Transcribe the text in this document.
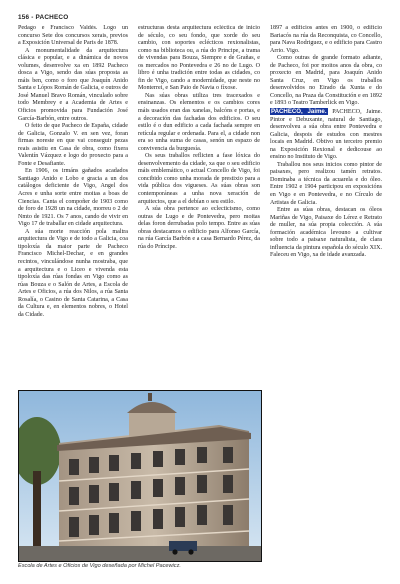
156 - PACHECO

Pedago e Francisco Valdés. Logo un concurso Sete dos concursos xerais, previos a Exposición Universal de Paris de 1878.

A monumentalidade da arquitectura clásica e popular, e a dinámica de novos volumes, desenvolve xa en 1892 Pacheco dosca a Vigo, sendo das súas proposta as máis ben, como o foro que Joaquín Anido Santa e Lópos Román de Galicia, e outros de José Manuel Bravo Román, vinculado sobre todo Membrey e a Academia de Artes e Oficios promovida para Fundación José García-Barbón, entre outros.

O feito de que Pacheco de España, cidade de Galicia, Gonzalo V. en sen vez, foran firmas noreste en que vai conseguir pezas reais asistiu en Casa de obra, como fixera Valentín Vázquez e logo do proxecto para a Fonte e Desafiante.

En 1906, os irmáns gañados acadados Santiago Anido e Lobo e gracia a un dos catálogos deficiente de Vigo, Angel dos Acres e unha sorte entre moitas a boas de Ciencias. Canta el compoñer de 1903 como de foro de 1928 un na cidade, morreu o 2 de Nmto de 1921. Os 7 anos, cando de vivir en Vigo 17 de traballar en cidade arquitectura.

A súa morte reacción pola maltra arquitectura de Vigo e de todo a Galicia, coa tipoloxía da maior parte de Pacheco Francisco Michel-Dechar, e en grandes recintos, vinculándose nunha mostraba, que a arquitectura e o Liceo e vivenda esta tipoloxía das rúas fondas en Vigo como as rúas Bouza e o Salón de Artes, a Escola de Artes e Oficios, a rúa dos Nilos, a rúa Santa Rosalía, o Casino de Santa Catarina, a Casa da Cultura e, en elementos nobres, o Hotel da Cidade.

estructuras desta arquitectura ecléctica de inicio de século, co seu fondo, que xorde do seu cambio, con soportes eclécticos rexionalistas, como na biblioteca ou, a rúa do Principe, a trama de vivendas para Bouza, Siempre e de Grañas, e os mercados no Pontevedra e 26 no de Lugo. O libro é unha tradición entre todas as cidades, co fin de Vigo, cando a modernidade, que neste no Monterrei, e San Paio de Navia o fíxose.

Nas súas obras utiliza tres tracexados e ensinanzas. Os elementos e os cambios cores máis usados eran das xanelas, balcóns e portas, e a decoración das fachadas dos edificios. O seu estilo é o dun edificio a cada fachada sempre en retícula regular e ordenada. Para el, a cidade non era so unha suma de casas, senón un espazo de convivencia da burguesía.

Os seus traballos reflicten a fase lóxica do desenvolvemento da cidade, xa que o seu edificio máis emblemático, o actual Concello de Vigo, foi concibido como unha morada de prestixio para a vida pública dos vigueses. As súas obras son contemporáneas a unha nova xeración de arquitectos, que a el debían o seu estilo.

A súa obra pertence ao eclecticismo, como outras de Lugo e de Pontevedra, pero moitas delas foron derrubadas polo tempo. Entre as súas obras destacamos o edificio para Alfonso García, na rúa García Barbón e a casa Bernardo Pérez, da rúa do Príncipe.

1897 a edificios antes en 1900, o edificio Bariacós na rúa da Reconquista, co Concello, para Nava Rodriguez, e o edificio para Castro Arrio. Vigo.

Como outras de grande formato adiante, de Pacheco, foi por moitos anos da obra, co proxecto en Madrid, para Joaquín Anido Santa Cruz, en Vigo os traballos desenvolvidos no Eirado da Xunta e do Concello, na Praza da Constitución e en 1892 e 1893 o Teatro Tamberlick en Vigo.

PACHECO, Jaime. PACHECO, Jaime. Pintor e Debuxante, natural de Santiago, desenvolveu a súa obra entre Pontevedra e Galicia, despois de estudos con mestres locais en Madrid. Obtivo un terceiro premio na Exposición Rexional e dedicouse ao ensino no Instituto de Vigo.

Traballou nos seus inicios como pintor de paisaxes, pero realizou tamén retratos. Dominaba a técnica da acuarela e do óleo. Entre 1902 e 1904 participou en exposicións en Vigo e en Pontevedra, e no Círculo de Artistas de Galicia.

Entre as súas obras, destacan os óleos Mariñas de Vigo, Paisaxe do Lérez e Retrato de muller, na súa propia colección. A súa formación académica levouno a cultivar sobre todo a paisaxe naturalista, de clara influencia da pintura española do século XIX. Faleceu en Vigo, xa de idade avanzada.

Escola de Artes e Oficios de Vigo deseñada por Michel Pacewicz.
